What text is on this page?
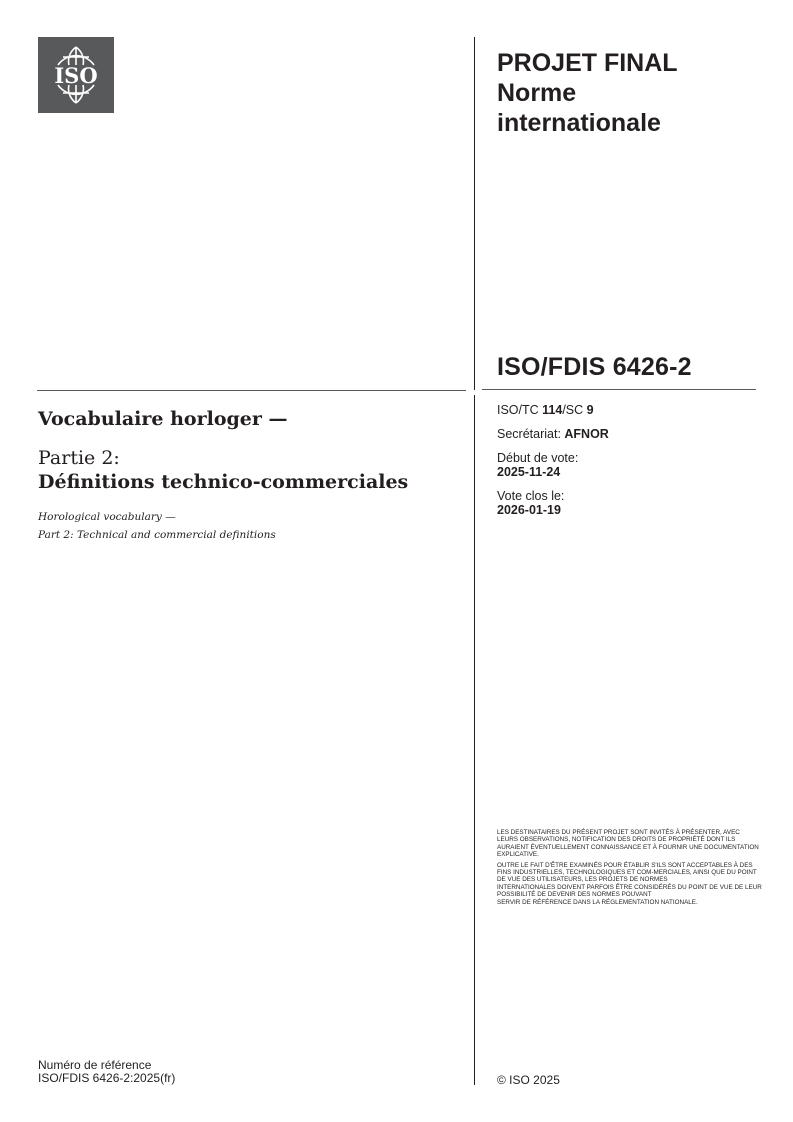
ISO	PROJET FINAL
Norme
internationale
ISO/FDIS 6426-2
ISO/TC 114/SC 9
Secrétariat: AFNOR
Début de vote:
2025-11-24
Vote clos le:
2026-01-19
Vocabulaire horloger —
Partie 2:
Définitions technico-commerciales
Horological vocabulary —
Part 2: Technical and commercial definitions

LES DESTINATAIRES DU PRÉSENT PROJET SONT INVITÉS À PRÉSENTER, AVEC LEURS OBSERVATIONS, NOTIFICATION DES DROITS DE PROPRIÉTÉ DONT ILS AURAIENT ÉVENTUELLEMENT CONNAISSANCE ET À FOURNIR UNE DOCUMENTATION EXPLICATIVE.

OUTRE LE FAIT D'ÊTRE EXAMINÉS POUR ÉTABLIR S'ILS SONT ACCEPTABLES À DES FINS INDUSTRIELLES, TECHNOLOGIQUES ET COM-MERCIALES, AINSI QUE DU POINT DE VUE DES UTILISATEURS, LES PROJETS DE NORMES
INTERNATIONALES DOIVENT PARFOIS ÊTRE CONSIDÉRÉS DU POINT DE VUE DE LEUR POSSIBILITÉ DE DEVENIR DES NORMES POUVANT
SERVIR DE RÉFÉRENCE DANS LA RÉGLEMENTATION NATIONALE.
Numéro de référence
ISO/FDIS 6426-2:2025(fr)	© ISO 2025
